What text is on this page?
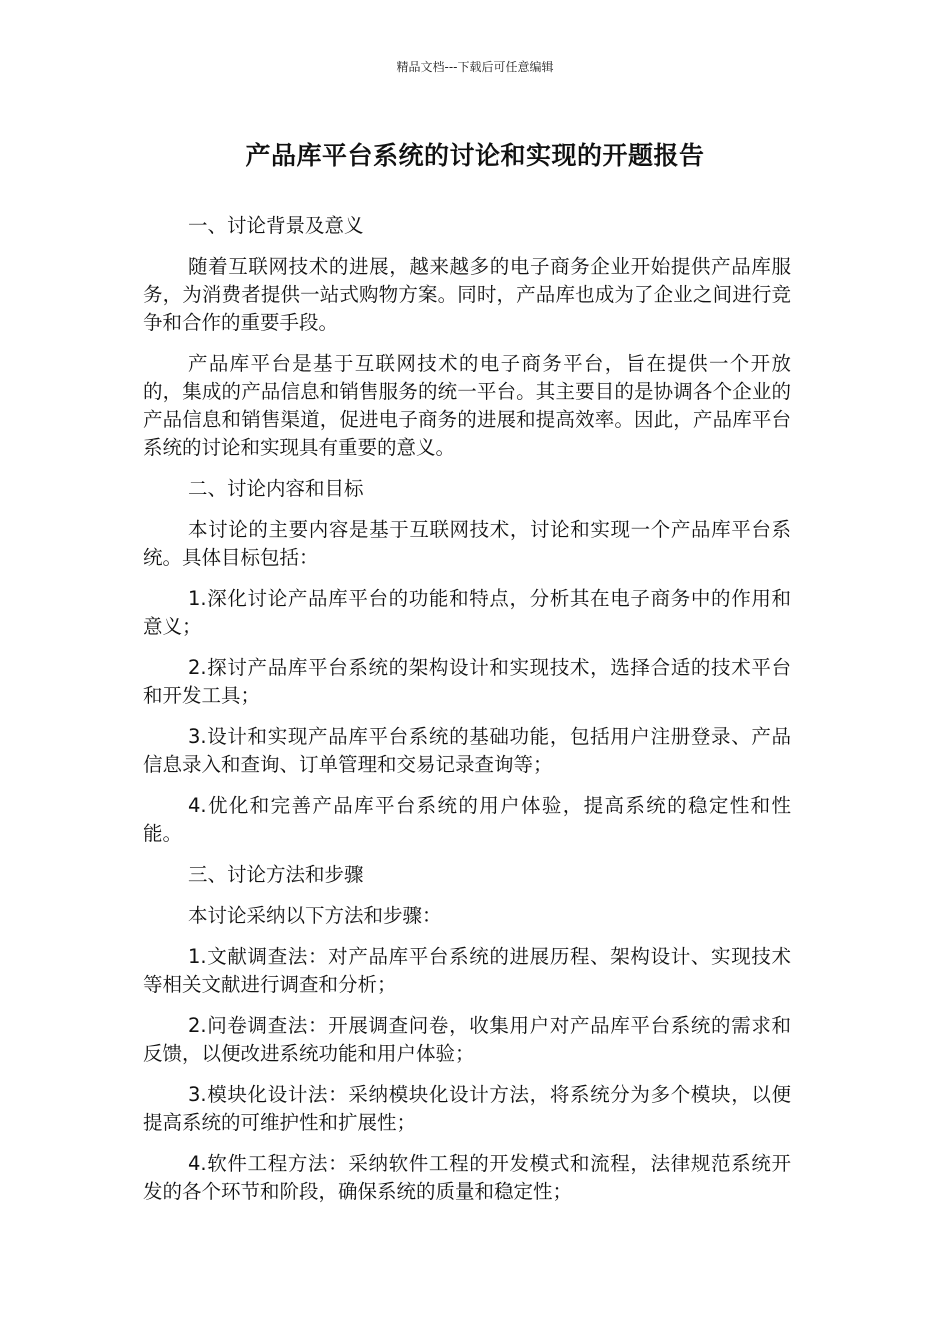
精品文档---下载后可任意编辑
产品库平台系统的讨论和实现的开题报告

一、讨论背景及意义

随着互联网技术的进展，越来越多的电子商务企业开始提供产品库服务，为消费者提供一站式购物方案。同时，产品库也成为了企业之间进行竞争和合作的重要手段。

产品库平台是基于互联网技术的电子商务平台，旨在提供一个开放的，集成的产品信息和销售服务的统一平台。其主要目的是协调各个企业的产品信息和销售渠道，促进电子商务的进展和提高效率。因此，产品库平台系统的讨论和实现具有重要的意义。

二、讨论内容和目标

本讨论的主要内容是基于互联网技术，讨论和实现一个产品库平台系统。具体目标包括：

1.深化讨论产品库平台的功能和特点，分析其在电子商务中的作用和意义；

2.探讨产品库平台系统的架构设计和实现技术，选择合适的技术平台和开发工具；

3.设计和实现产品库平台系统的基础功能，包括用户注册登录、产品信息录入和查询、订单管理和交易记录查询等；

4.优化和完善产品库平台系统的用户体验，提高系统的稳定性和性能。

三、讨论方法和步骤

本讨论采纳以下方法和步骤：

1.文献调查法：对产品库平台系统的进展历程、架构设计、实现技术等相关文献进行调查和分析；

2.问卷调查法：开展调查问卷，收集用户对产品库平台系统的需求和反馈，以便改进系统功能和用户体验；

3.模块化设计法：采纳模块化设计方法，将系统分为多个模块，以便提高系统的可维护性和扩展性；

4.软件工程方法：采纳软件工程的开发模式和流程，法律规范系统开发的各个环节和阶段，确保系统的质量和稳定性；
